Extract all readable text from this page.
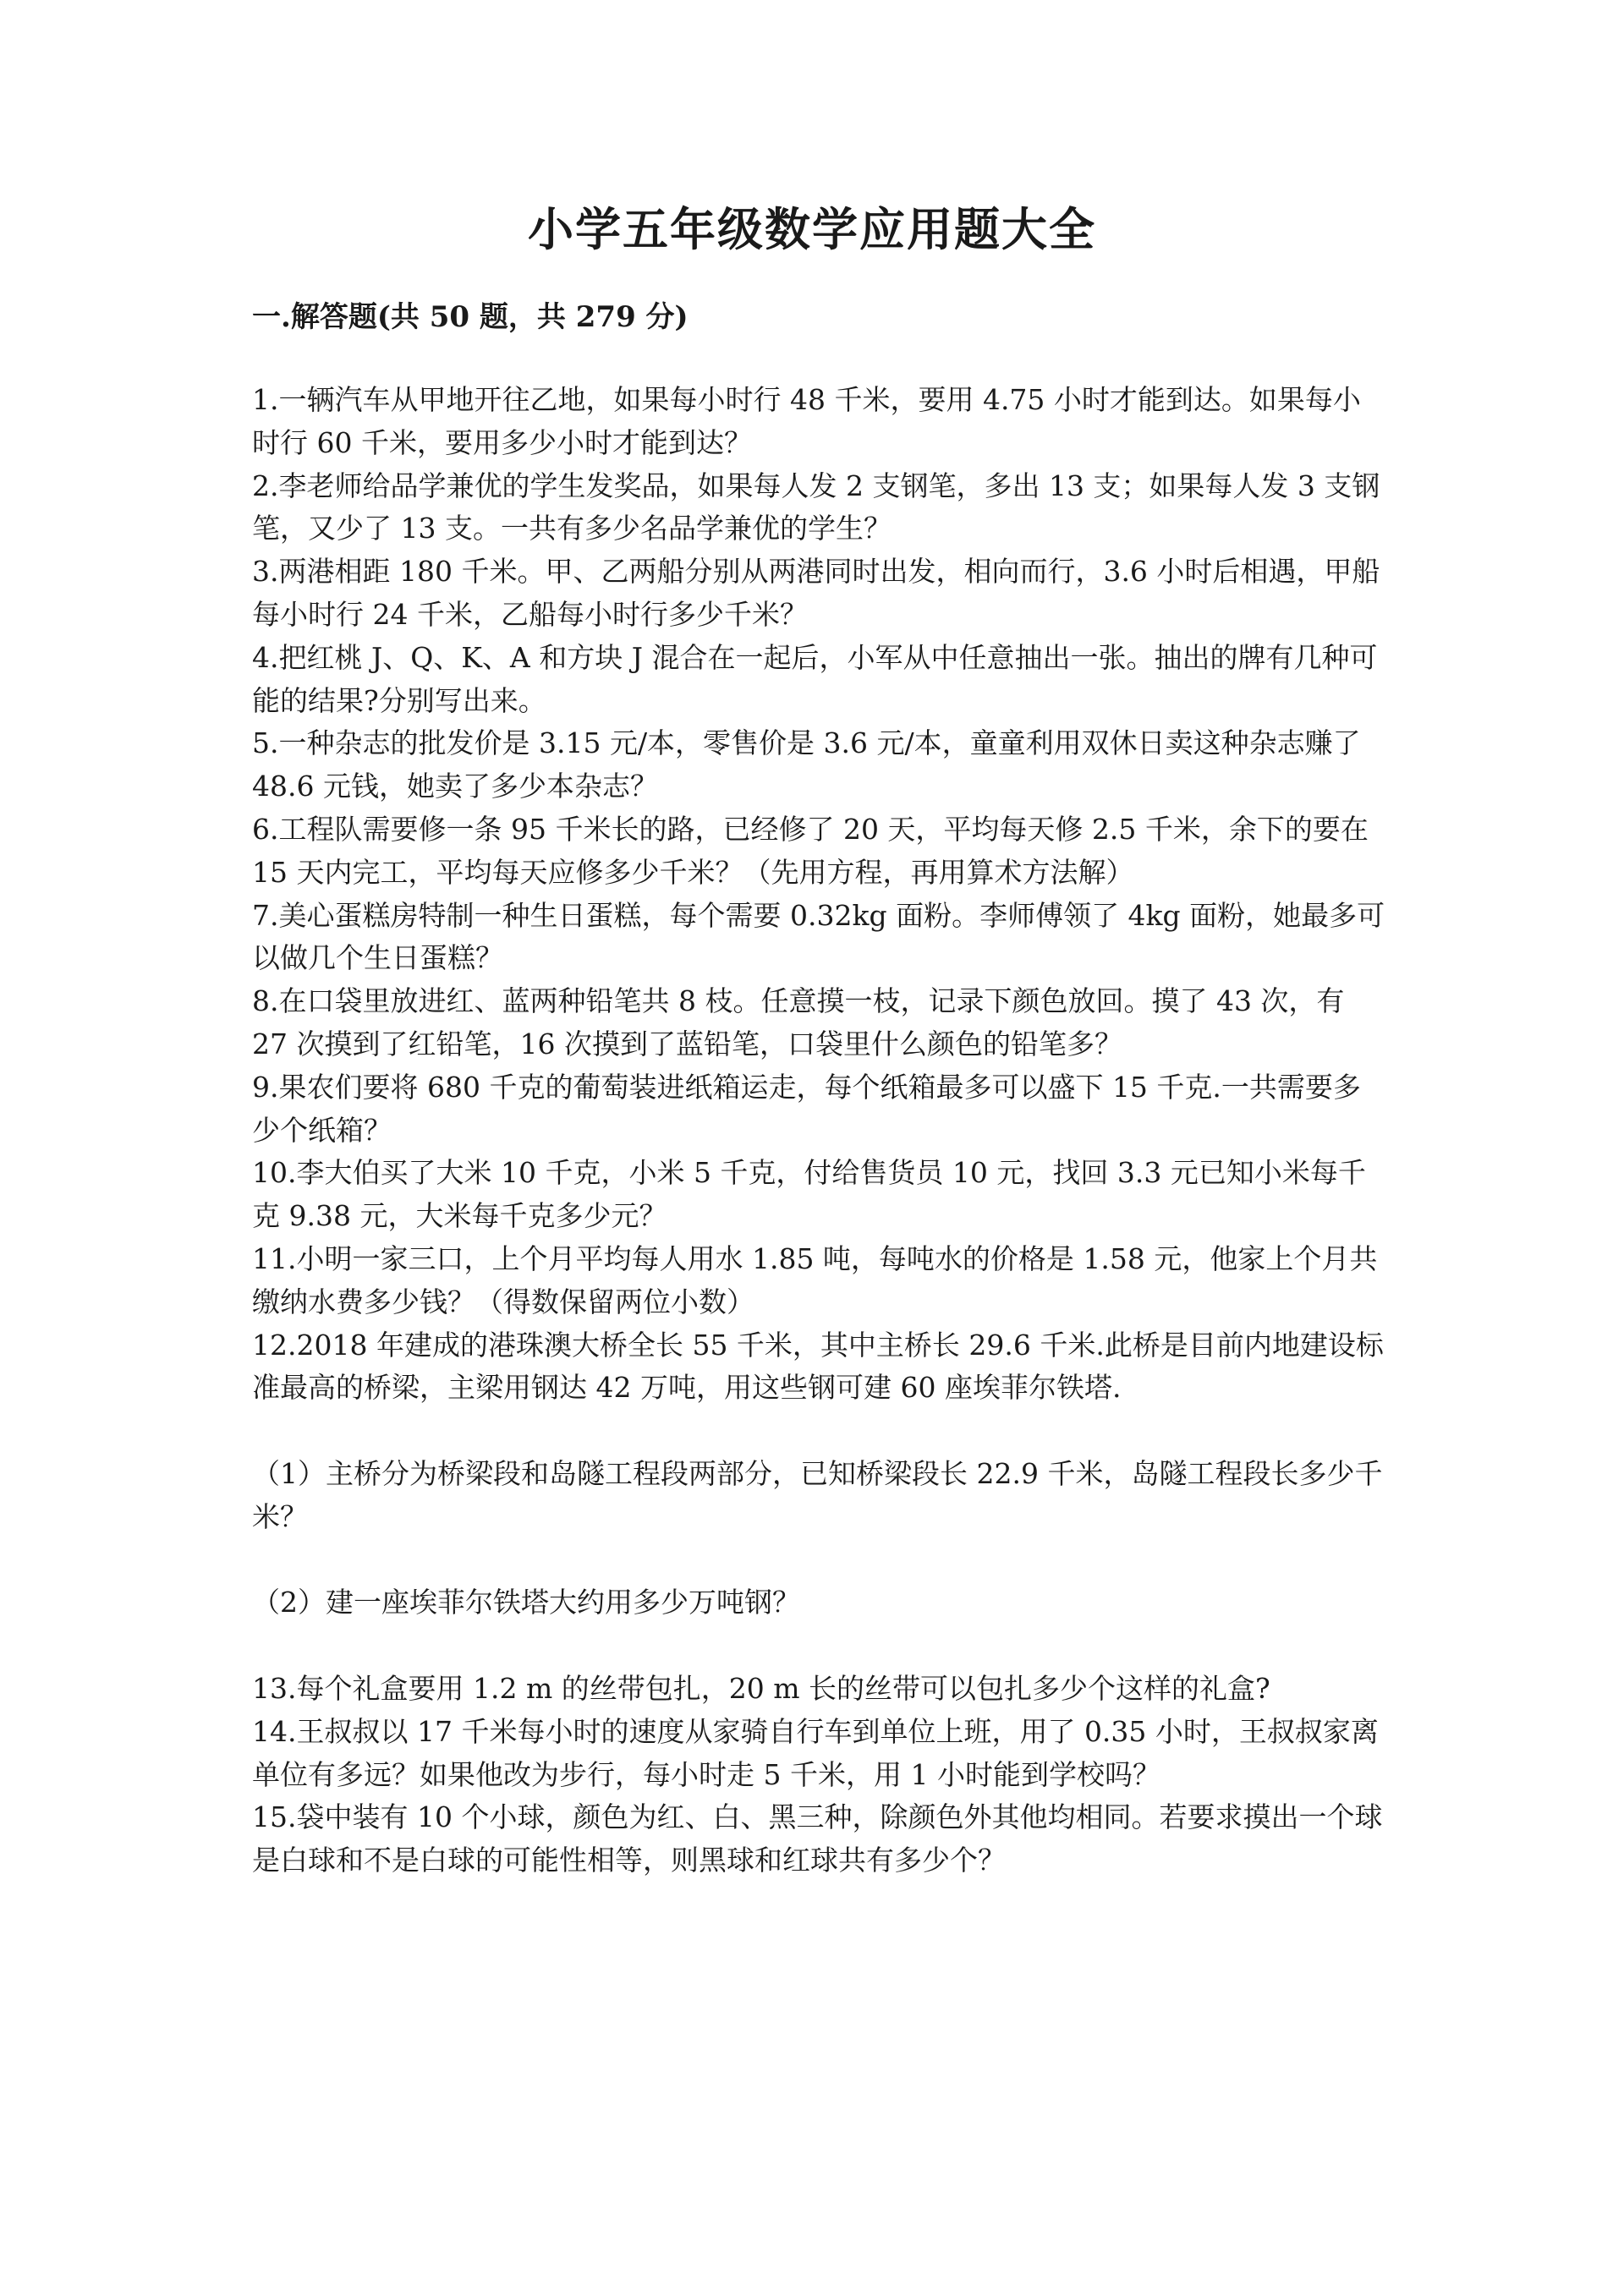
小学五年级数学应用题大全
一.解答题(共 50 题，共 279 分)

1.一辆汽车从甲地开往乙地，如果每小时行 48 千米，要用 4.75 小时才能到达。如果每小时行 60 千米，要用多少小时才能到达？

2.李老师给品学兼优的学生发奖品，如果每人发 2 支钢笔，多出 13 支；如果每人发 3 支钢笔，又少了 13 支。一共有多少名品学兼优的学生？

3.两港相距 180 千米。甲、乙两船分别从两港同时出发，相向而行，3.6 小时后相遇，甲船每小时行 24 千米，乙船每小时行多少千米？

4.把红桃 J、Q、K、A 和方块 J 混合在一起后，小军从中任意抽出一张。抽出的牌有几种可能的结果?分别写出来。

5.一种杂志的批发价是 3.15 元/本，零售价是 3.6 元/本，童童利用双休日卖这种杂志赚了 48.6 元钱，她卖了多少本杂志？

6.工程队需要修一条 95 千米长的路，已经修了 20 天，平均每天修 2.5 千米，余下的要在 15 天内完工，平均每天应修多少千米？（先用方程，再用算术方法解）

7.美心蛋糕房特制一种生日蛋糕，每个需要 0.32kg 面粉。李师傅领了 4kg 面粉，她最多可以做几个生日蛋糕？

8.在口袋里放进红、蓝两种铅笔共 8 枝。任意摸一枝，记录下颜色放回。摸了 43 次，有 27 次摸到了红铅笔，16 次摸到了蓝铅笔，口袋里什么颜色的铅笔多？

9.果农们要将 680 千克的葡萄装进纸箱运走，每个纸箱最多可以盛下 15 千克.一共需要多少个纸箱？

10.李大伯买了大米 10 千克，小米 5 千克，付给售货员 10 元，找回 3.3 元已知小米每千克 9.38 元，大米每千克多少元？

11.小明一家三口，上个月平均每人用水 1.85 吨，每吨水的价格是 1.58 元，他家上个月共缴纳水费多少钱？（得数保留两位小数）

12.2018 年建成的港珠澳大桥全长 55 千米，其中主桥长 29.6 千米.此桥是目前内地建设标准最高的桥梁，主梁用钢达 42 万吨，用这些钢可建 60 座埃菲尔铁塔.

（1）主桥分为桥梁段和岛隧工程段两部分，已知桥梁段长 22.9 千米，岛隧工程段长多少千米？

（2）建一座埃菲尔铁塔大约用多少万吨钢？

13.每个礼盒要用 1.2 m 的丝带包扎，20 m 长的丝带可以包扎多少个这样的礼盒?

14.王叔叔以 17 千米每小时的速度从家骑自行车到单位上班，用了 0.35 小时，王叔叔家离单位有多远？如果他改为步行，每小时走 5 千米，用 1 小时能到学校吗？

15.袋中装有 10 个小球，颜色为红、白、黑三种，除颜色外其他均相同。若要求摸出一个球是白球和不是白球的可能性相等，则黑球和红球共有多少个？
